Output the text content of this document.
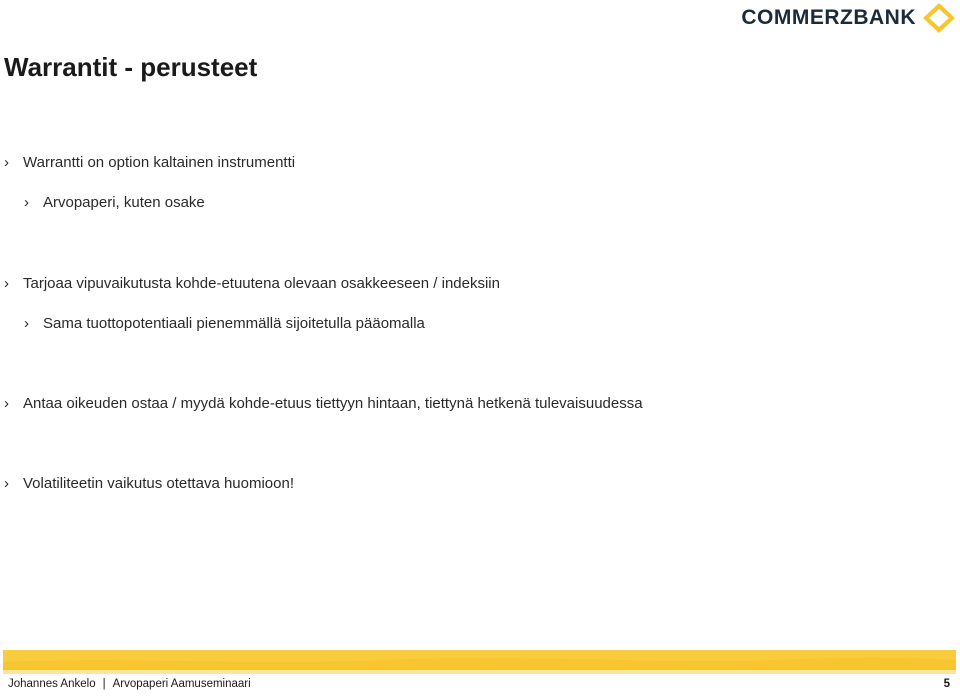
COMMERZBANK
Warrantit - perusteet
› Warrantti on option kaltainen instrumentti
› Arvopaperi, kuten osake
› Tarjoaa vipuvaikutusta kohde-etuutena olevaan osakkeeseen / indeksiin
› Sama tuottopotentiaali pienemmällä sijoitetulla pääomalla
› Antaa oikeuden ostaa / myydä kohde-etuus tiettyyn hintaan, tiettynä hetkenä tulevaisuudessa
› Volatiliteetin vaikutus otettava huomioon!
Johannes Ankelo | Arvopaperi Aamuseminaari	5
